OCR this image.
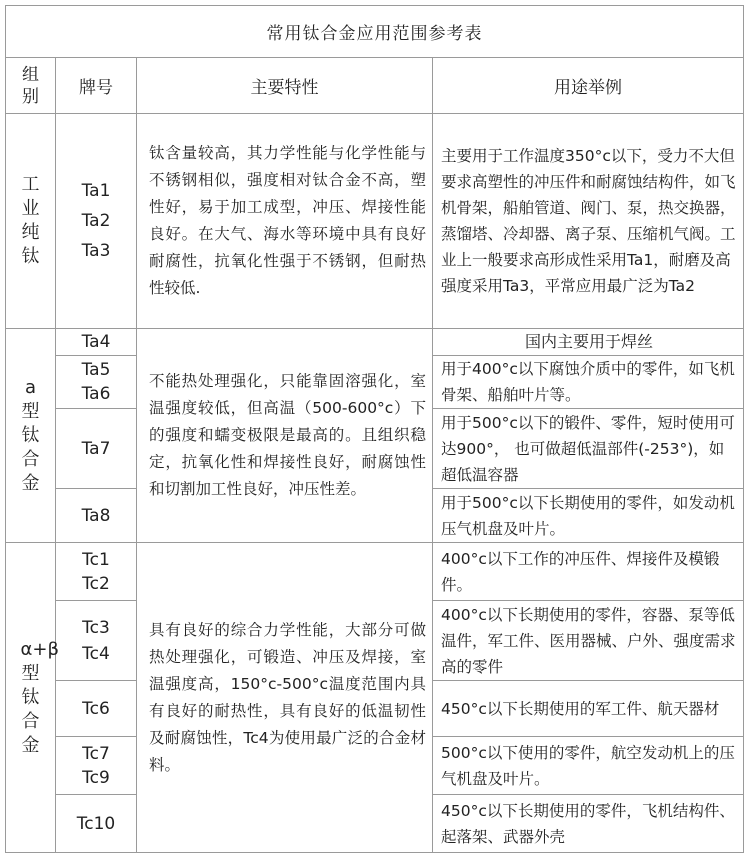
常用钛合金应用范围参考表			

组别	牌号	主要特性	用途举例

工业纯钛	Ta1 Ta2 Ta3	钛含量较高，其力学性能与化学性能与不锈钢相似，强度相对钛合金不高，塑性好，易于加工成型，冲压、焊接性能良好。在大气、海水等环境中具有良好耐腐性，抗氧化性强于不锈钢，但耐热性较低.	主要用于工作温度350°c以下，受力不大但要求高塑性的冲压件和耐腐蚀结构件，如飞机骨架，船舶管道、阀门、泵，热交换器，蒸馏塔、冷却器、离子泵、压缩机气阀。工业上一般要求高形成性采用Ta1，耐磨及高强度采用Ta3，平常应用最广泛为Ta2

a型钛合金	Ta4	不能热处理强化，只能靠固溶强化，室温强度较低，但高温（500-600°c）下的强度和蠕变极限是最高的。且组织稳定，抗氧化性和焊接性良好，耐腐蚀性和切割加工性良好，冲压性差。	国内主要用于焊丝

	Ta5 Ta6		用于400°c以下腐蚀介质中的零件，如飞机骨架、船舶叶片等。
	Ta7		用于500°c以下的锻件、零件，短时使用可达900°， 也可做超低温部件(-253°)，如超低温容器
	Ta8		用于500°c以下长期使用的零件，如发动机压气机盘及叶片。

α+β型钛合金	Tc1 Tc2	具有良好的综合力学性能，大部分可做热处理强化，可锻造、冲压及焊接，室温强度高，150°c-500°c温度范围内具有良好的耐热性，具有良好的低温韧性及耐腐蚀性，Tc4为使用最广泛的合金材料。	400°c以下工作的冲压件、焊接件及模锻件。

	Tc3 Tc4		400°c以下长期使用的零件，容器、泵等低温件，军工件、医用器械、户外、强度需求高的零件
	Tc6		450°c以下长期使用的军工件、航天器材

	Tc7 Tc9		500°c以下使用的零件，航空发动机上的压气机盘及叶片。
	Tc10		450°c以下长期使用的零件，飞机结构件、起落架、武器外壳
